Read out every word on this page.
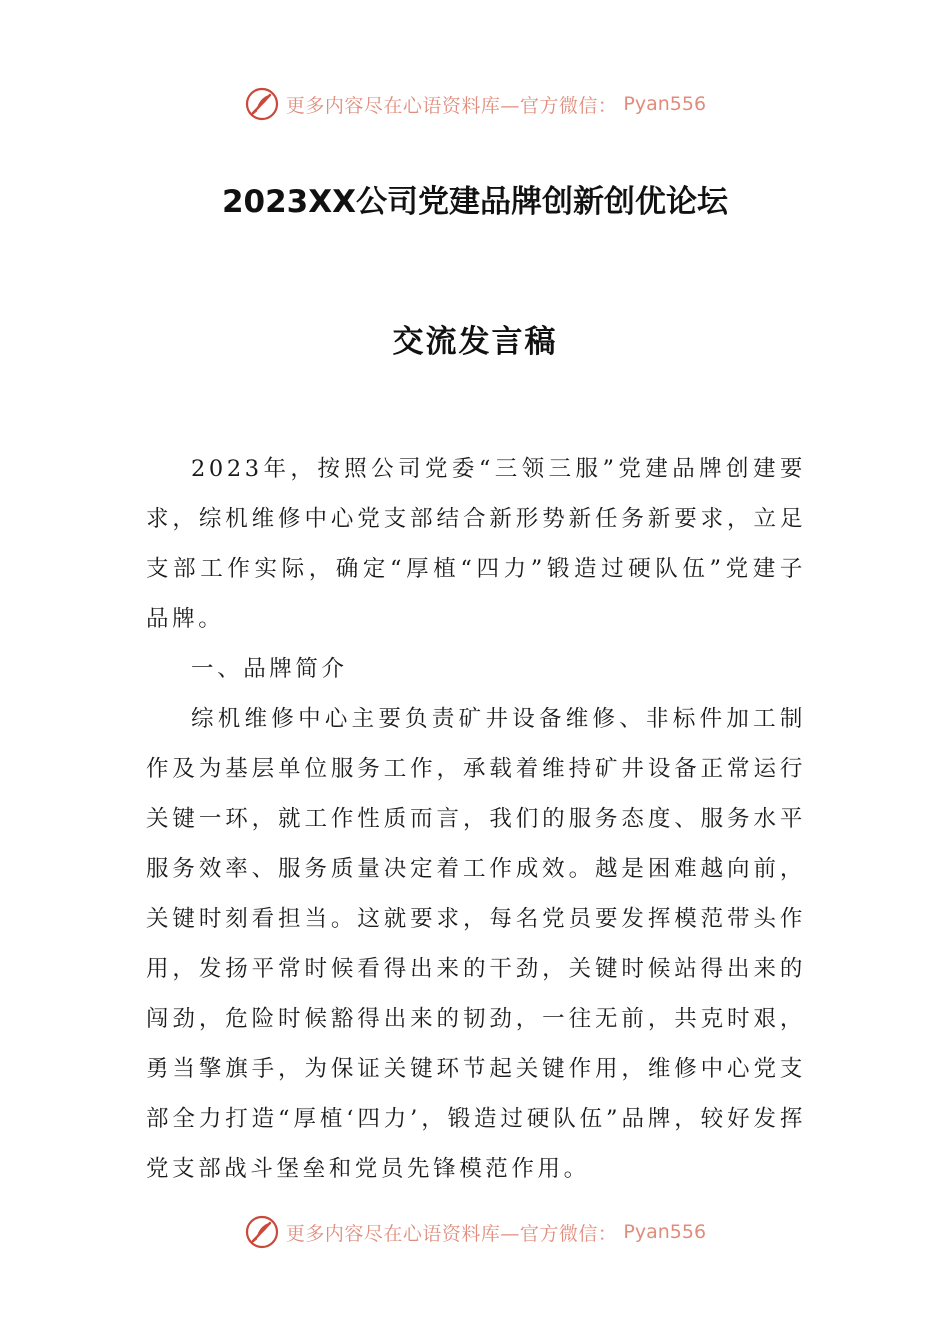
更多内容尽在心语资料库—官方微信： Pyan556
2023XX公司党建品牌创新创优论坛
交流发言稿

2023年，按照公司党委“三领三服”党建品牌创建要求，综机维修中心党支部结合新形势新任务新要求，立足支部工作实际，确定“厚植“四力”锻造过硬队伍”党建子品牌。

一、品牌简介

综机维修中心主要负责矿井设备维修、非标件加工制作及为基层单位服务工作，承载着维持矿井设备正常运行关键一环，就工作性质而言，我们的服务态度、服务水平服务效率、服务质量决定着工作成效。越是困难越向前，关键时刻看担当。这就要求，每名党员要发挥模范带头作用，发扬平常时候看得出来的干劲，关键时候站得出来的闯劲，危险时候豁得出来的韧劲，一往无前，共克时艰，勇当擎旗手，为保证关键环节起关键作用，维修中心党支部全力打造“厚植‘四力’，锻造过硬队伍”品牌，较好发挥党支部战斗堡垒和党员先锋模范作用。

更多内容尽在心语资料库—官方微信： Pyan556
